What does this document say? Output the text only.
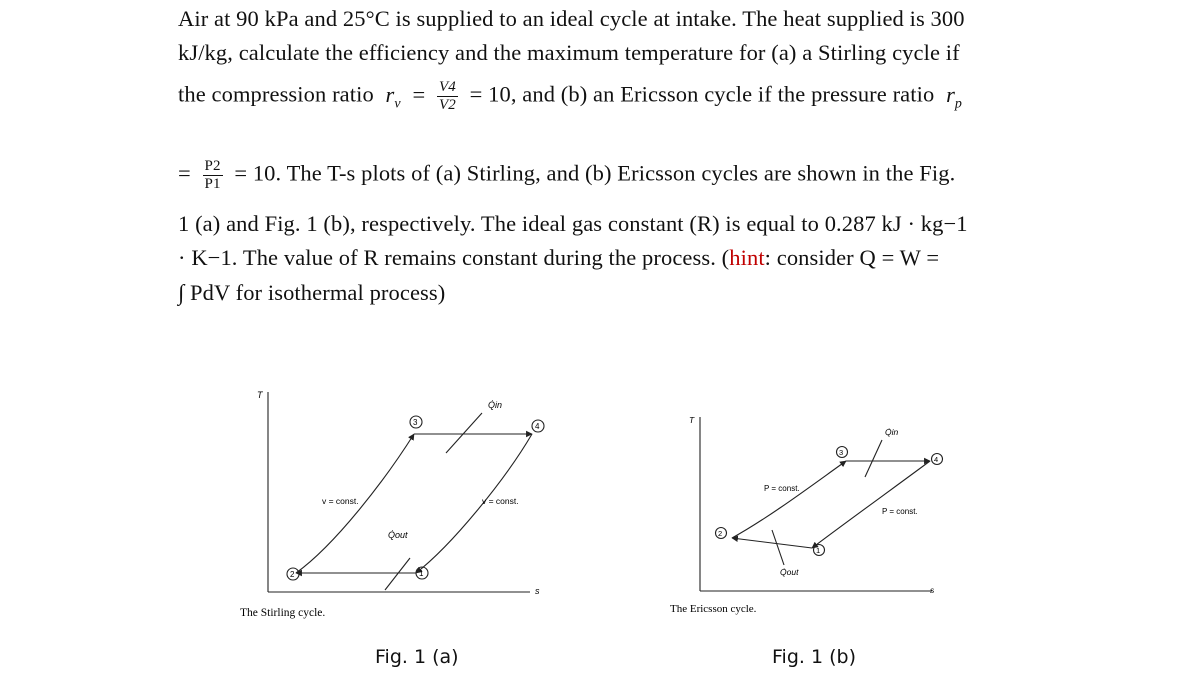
Air at 90 kPa and 25°C is supplied to an ideal cycle at intake. The heat supplied is 300
kJ/kg, calculate the efficiency and the maximum temperature for (a) a Stirling cycle if
the compression ratio $r_v = \frac{V4}{V2} = 10$, and (b) an Ericsson cycle if the pressure ratio $r_p$
= $\frac{P2}{P1} = 10$. The T-s plots of (a) Stirling, and (b) Ericsson cycles are shown in the Fig.
1 (a) and Fig. 1 (b), respectively. The ideal gas constant (R) is equal to 0.287 kJ · kg−1
· K−1. The value of R remains constant during the process. (hint: consider Q = W =
∫ PdV for isothermal process)
T
s
Q̇in
Q̇out
v = const.	v = const.
1
2
3	4
The Stirling cycle.
T
s
Q̇in
Q̇out
P = const.
P = const.
1
2
3
4
The Ericsson cycle.
Fig. 1 (a)	Fig. 1 (b)
